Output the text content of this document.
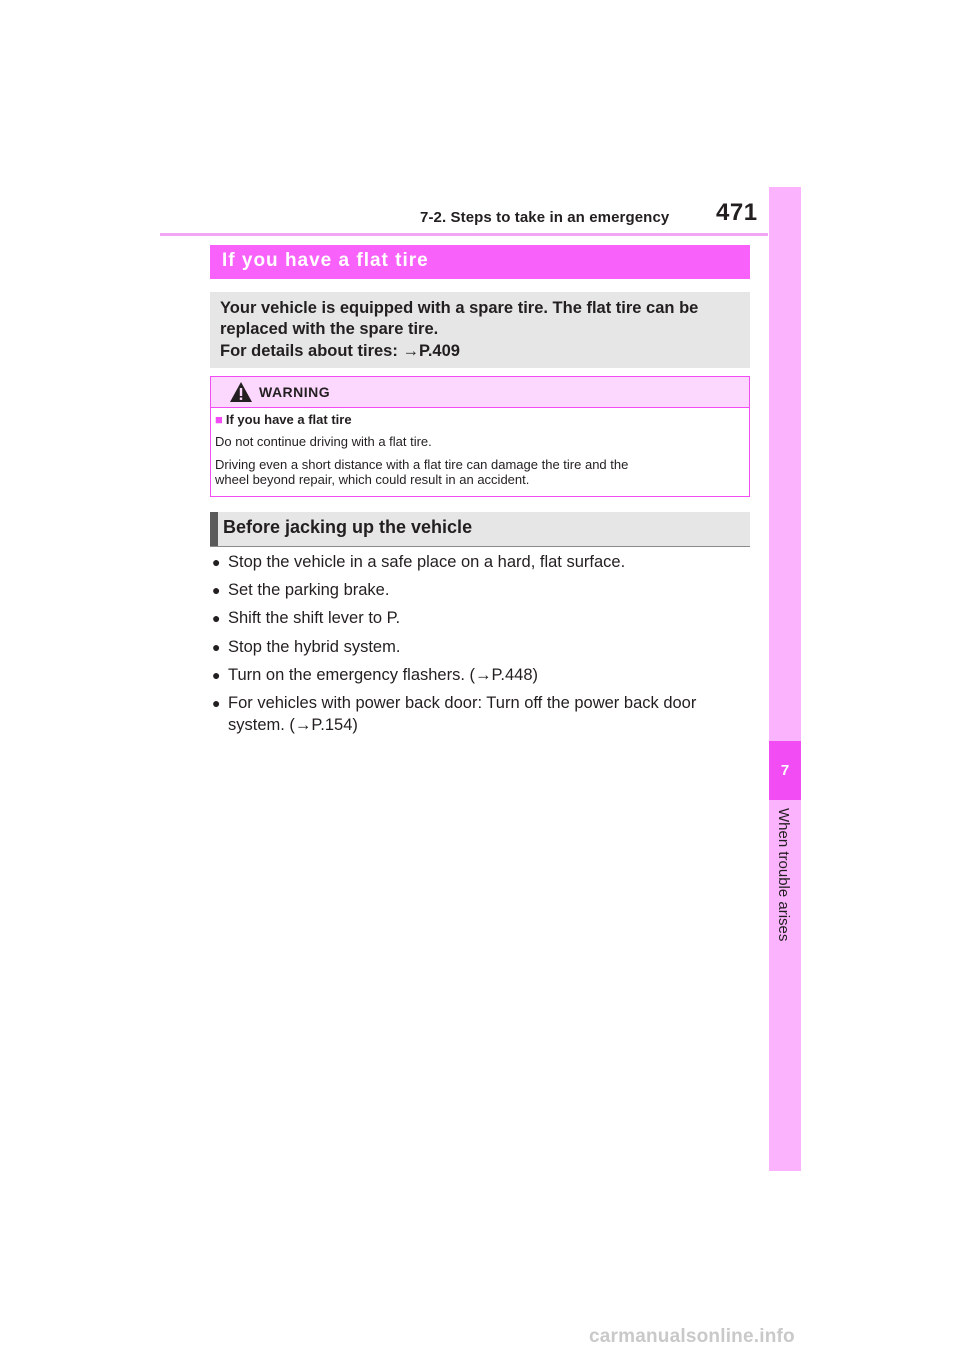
7-2. Steps to take in an emergency 471
7
When trouble arises
If you have a flat tire
Your vehicle is equipped with a spare tire. The flat tire can be
replaced with the spare tire.
For details about tires: →P.409
WARNING
■ If you have a flat tire
Do not continue driving with a flat tire.
Driving even a short distance with a flat tire can damage the tire and the
wheel beyond repair, which could result in an accident.
Before jacking up the vehicle
● Stop the vehicle in a safe place on a hard, flat surface.
● Set the parking brake.
● Shift the shift lever to P.
● Stop the hybrid system.
● Turn on the emergency flashers. (→P.448)
● For vehicles with power back door: Turn off the power back door
system. (→P.154)
carmanualsonline.info
